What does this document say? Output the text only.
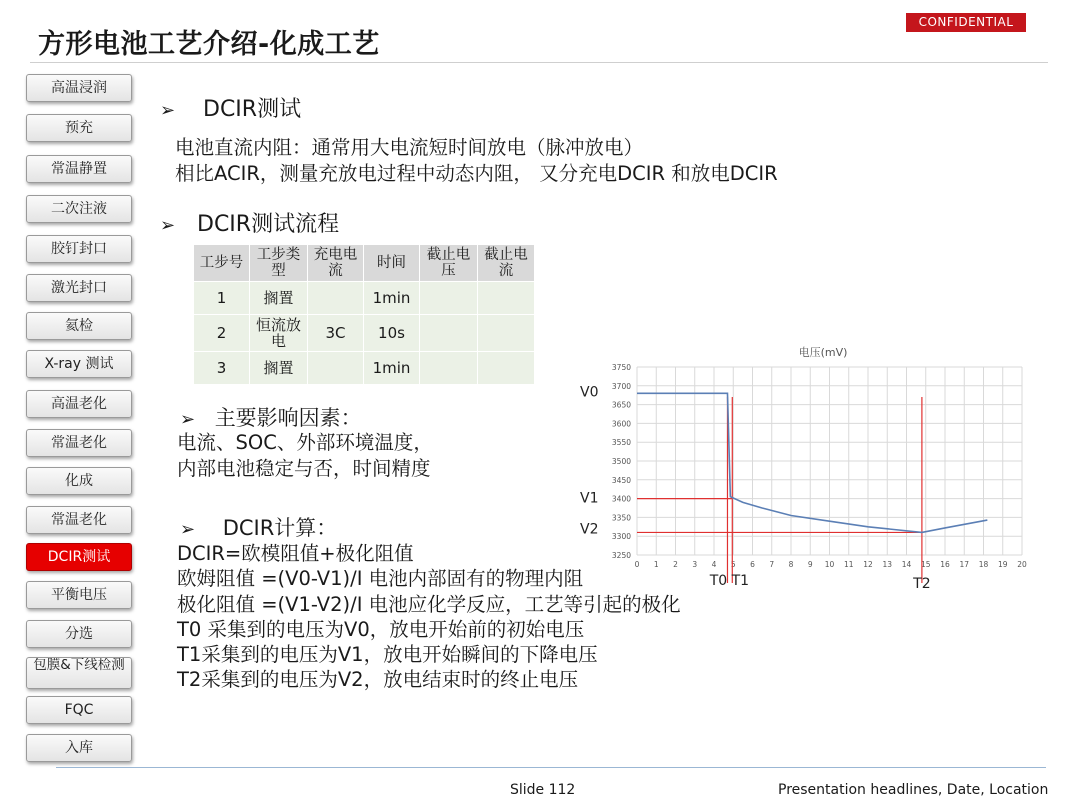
方形电池工艺介绍-化成工艺
CONFIDENTIAL
高温浸润
预充
常温静置
二次注液
胶钉封口
激光封口
氦检
X-ray 测试
高温老化
常温老化
化成
常温老化
DCIR测试
平衡电压
分选
包膜&下线检测
FQC
入库
➢ DCIR测试
电池直流内阻：通常用大电流短时间放电（脉冲放电）
相比ACIR，测量充放电过程中动态内阻， 又分充电DCIR 和放电DCIR
➢ DCIR测试流程
工步号	工步类型	充电电流	时间	截止电压	截止电流
1	搁置		1min		
2	恒流放电	3C	10s		
3	搁置		1min		
➢ 主要影响因素：
电流、SOC、外部环境温度，
内部电池稳定与否，时间精度
➢ DCIR计算：
DCIR=欧模阻值+极化阻值
欧姆阻值 =(V0-V1)/I 电池内部固有的物理内阻
极化阻值 =(V1-V2)/I 电池应化学反应，工艺等引起的极化
T0 采集到的电压为V0，放电开始前的初始电压
T1采集到的电压为V1，放电开始瞬间的下降电压
T2采集到的电压为V2，放电结束时的终止电压
电压(mV)
3250
3300
3350
3400
3450
3500
3550
3600
3650
3700
3750
0 1 2 3 4 5 6 7 8 9 10 11 12 13 14 15 16 17 18 19 20
V0
V1
V2
T0 T1	T2
Slide 112	Presentation headlines, Date, Location
